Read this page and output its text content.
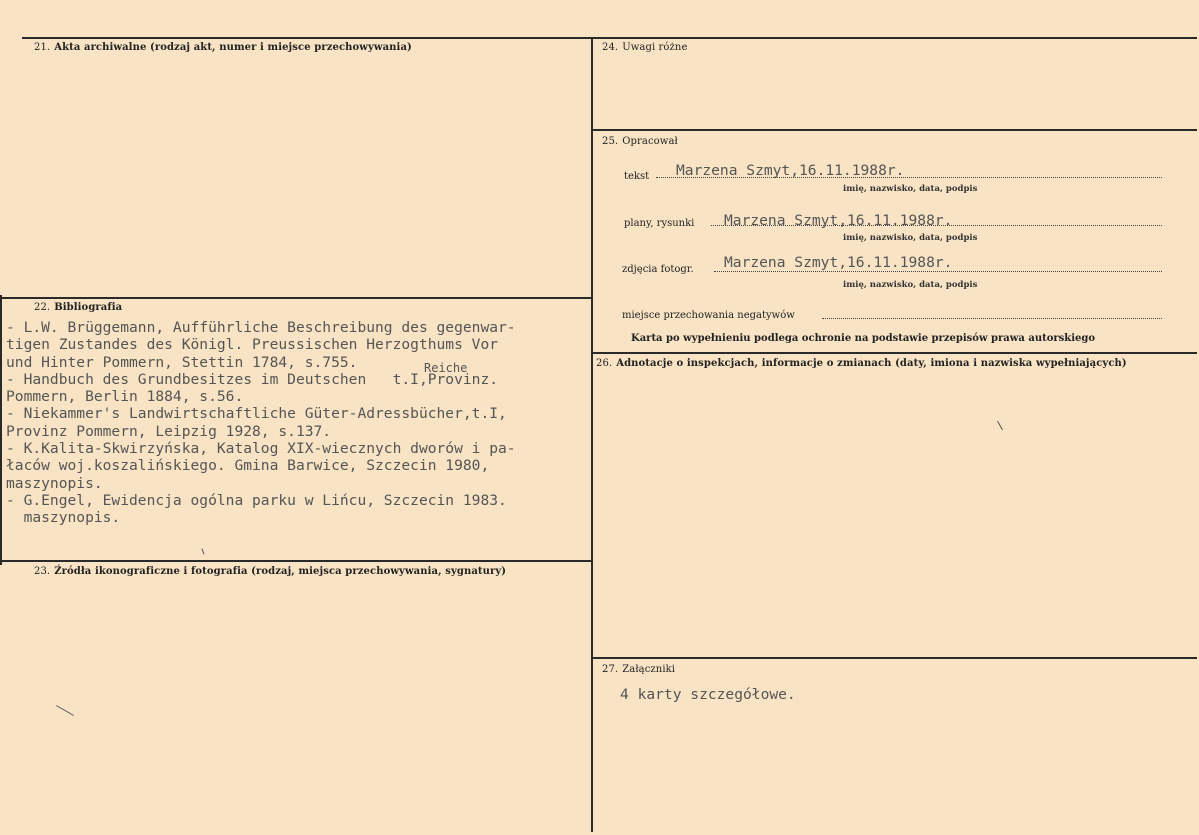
21. Akta archiwalne (rodzaj akt, numer i miejsce przechowywania)
22. Bibliografia
- L.W. Brüggemann, Aufführliche Beschreibung des gegenwar-
tigen Zustandes des Königl. Preussischen Herzogthums Vor
und Hinter Pommern, Stettin 1784, s.755.
- Handbuch des Grundbesitzes im Deutschen   t.I,Provinz.
Pommern, Berlin 1884, s.56.
- Niekammer's Landwirtschaftliche Güter-Adressbücher,t.I,
Provinz Pommern, Leipzig 1928, s.137.
- K.Kalita-Skwirzyńska, Katalog XIX-wiecznych dworów i pa-
łaców woj.koszalińskiego. Gmina Barwice, Szczecin 1980,
maszynopis.
- G.Engel, Ewidencja ogólna parku w Lińcu, Szczecin 1983.
maszynopis.
Reiche
23. Źródła ikonograficzne i fotografia (rodzaj, miejsca przechowywania, sygnatury)
24. Uwagi różne
25. Opracował
tekst Marzena Szmyt,16.11.1988r.
imię, nazwisko, data, podpis
plany, rysunki Marzena Szmyt,16.11.1988r.
imię, nazwisko, data, podpis
zdjęcia fotogr. Marzena Szmyt,16.11.1988r.
imię, nazwisko, data, podpis
miejsce przechowania negatywów
Karta po wypełnieniu podlega ochronie na podstawie przepisów prawa autorskiego
26. Adnotacje o inspekcjach, informacje o zmianach (daty, imiona i nazwiska wypełniających)
27. Załączniki
4 karty szczegółowe.
